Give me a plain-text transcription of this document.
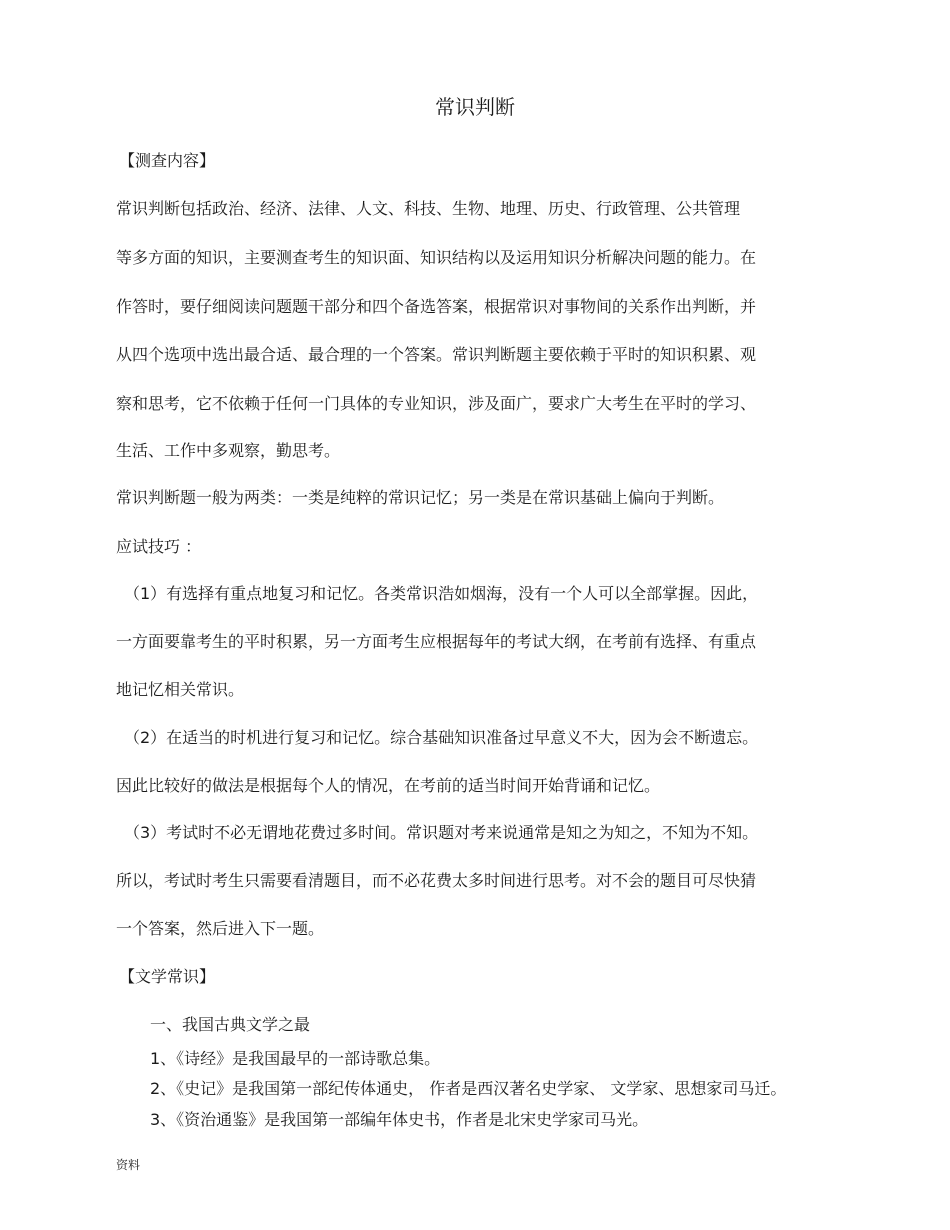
常识判断
【测查内容】
常识判断包括政治、经济、法律、人文、科技、生物、地理、历史、行政管理、公共管理
等多方面的知识，主要测查考生的知识面、知识结构以及运用知识分析解决问题的能力。在
作答时，要仔细阅读问题题干部分和四个备选答案，根据常识对事物间的关系作出判断，并
从四个选项中选出最合适、最合理的一个答案。常识判断题主要依赖于平时的知识积累、观
察和思考，它不依赖于任何一门具体的专业知识，涉及面广，要求广大考生在平时的学习、
生活、工作中多观察，勤思考。
常识判断题一般为两类：一类是纯粹的常识记忆；另一类是在常识基础上偏向于判断。
应试技巧 ：
（1）有选择有重点地复习和记忆。各类常识浩如烟海，没有一个人可以全部掌握。因此，
一方面要靠考生的平时积累，另一方面考生应根据每年的考试大纲，在考前有选择、有重点
地记忆相关常识。
（2）在适当的时机进行复习和记忆。综合基础知识准备过早意义不大，因为会不断遗忘。
因此比较好的做法是根据每个人的情况，在考前的适当时间开始背诵和记忆。
（3）考试时不必无谓地花费过多时间。常识题对考来说通常是知之为知之，不知为不知。
所以，考试时考生只需要看清题目，而不必花费太多时间进行思考。对不会的题目可尽快猜
一个答案，然后进入下一题。
【文学常识】
一、我国古典文学之最
1、《诗经》是我国最早的一部诗歌总集。
2、《史记》是我国第一部纪传体通史， 作者是西汉著名史学家、 文学家、思想家司马迁。
3、《资治通鉴》是我国第一部编年体史书，作者是北宋史学家司马光。
资料
